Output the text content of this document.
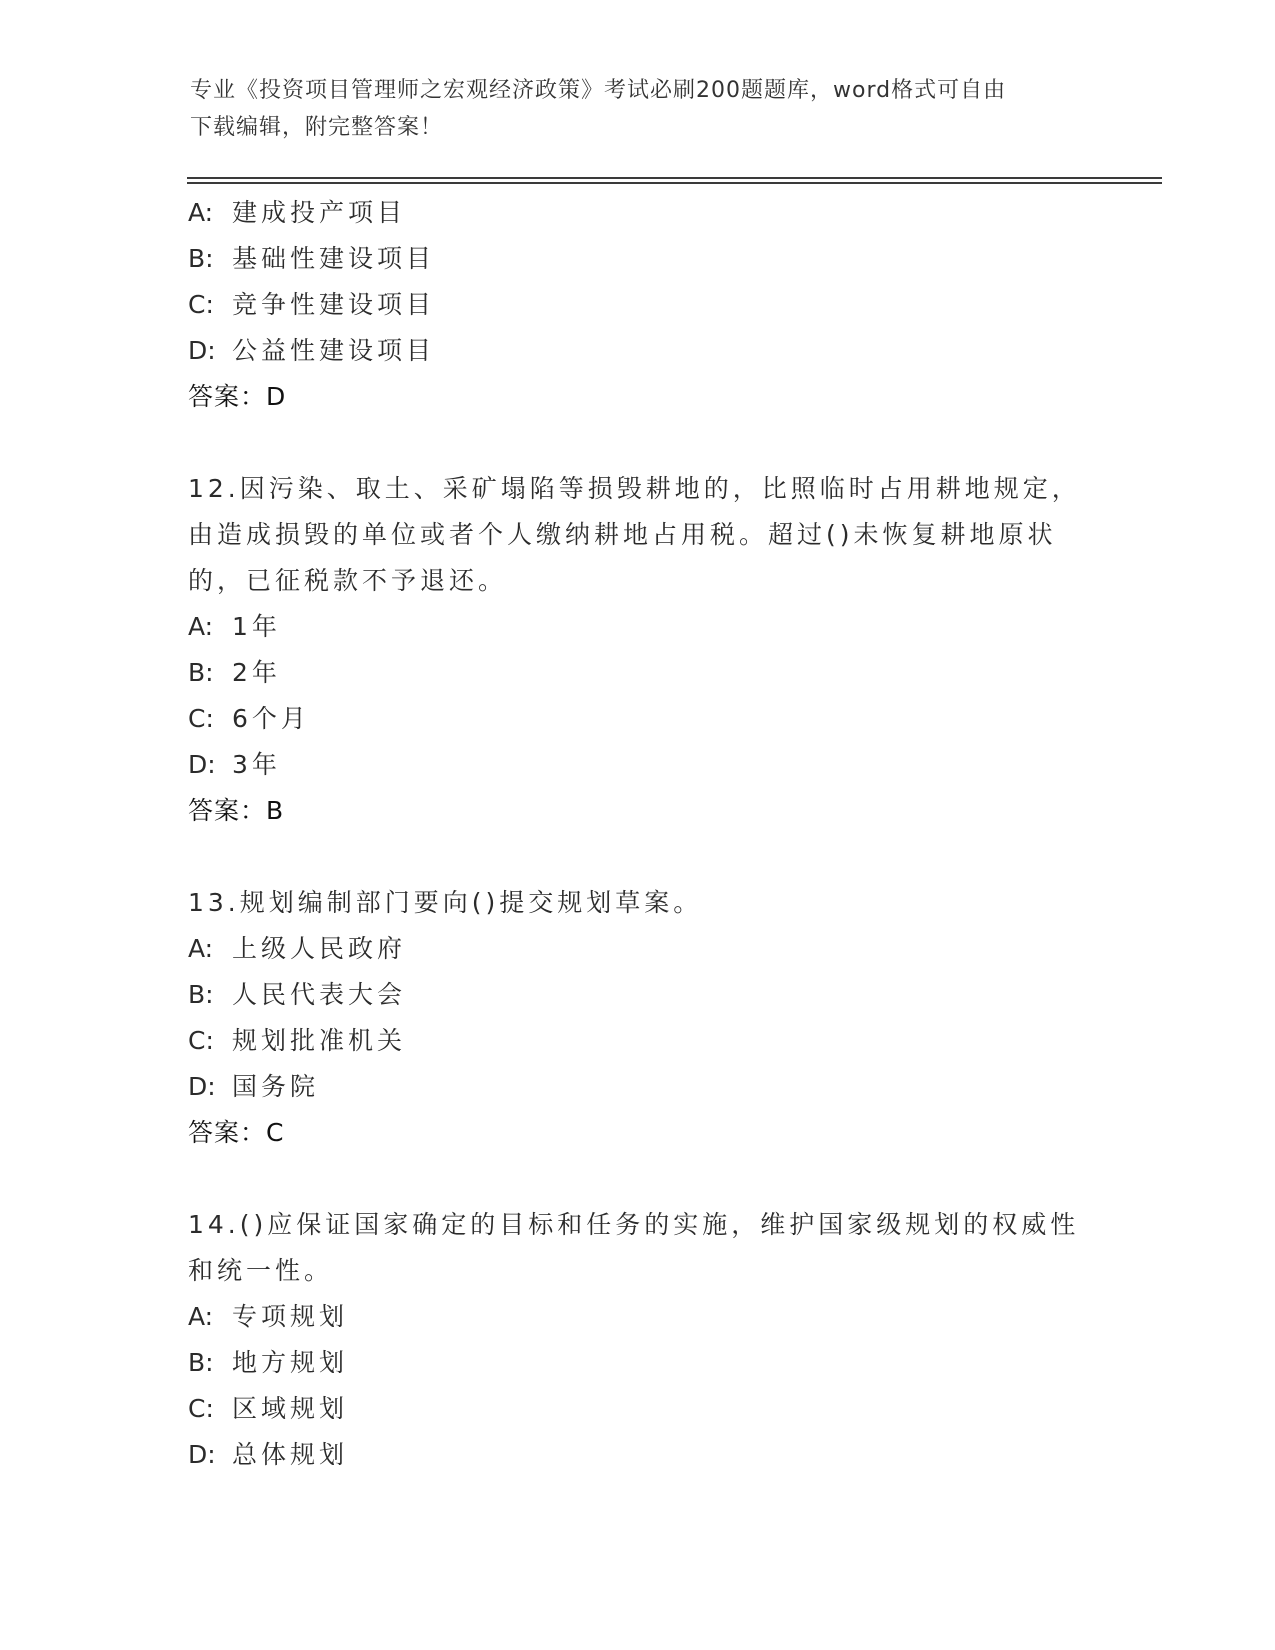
专业《投资项目管理师之宏观经济政策》考试必刷200题题库，word格式可自由
下载编辑，附完整答案！
A: 建成投产项目
B: 基础性建设项目
C: 竞争性建设项目
D: 公益性建设项目
答案：D
12.因污染、取土、采矿塌陷等损毁耕地的，比照临时占用耕地规定，
由造成损毁的单位或者个人缴纳耕地占用税。超过()未恢复耕地原状
的，已征税款不予退还。
A: 1年
B: 2年
C: 6个月
D: 3年
答案：B
13.规划编制部门要向()提交规划草案。
A: 上级人民政府
B: 人民代表大会
C: 规划批准机关
D: 国务院
答案：C
14.()应保证国家确定的目标和任务的实施，维护国家级规划的权威性
和统一性。
A: 专项规划
B: 地方规划
C: 区域规划
D: 总体规划
